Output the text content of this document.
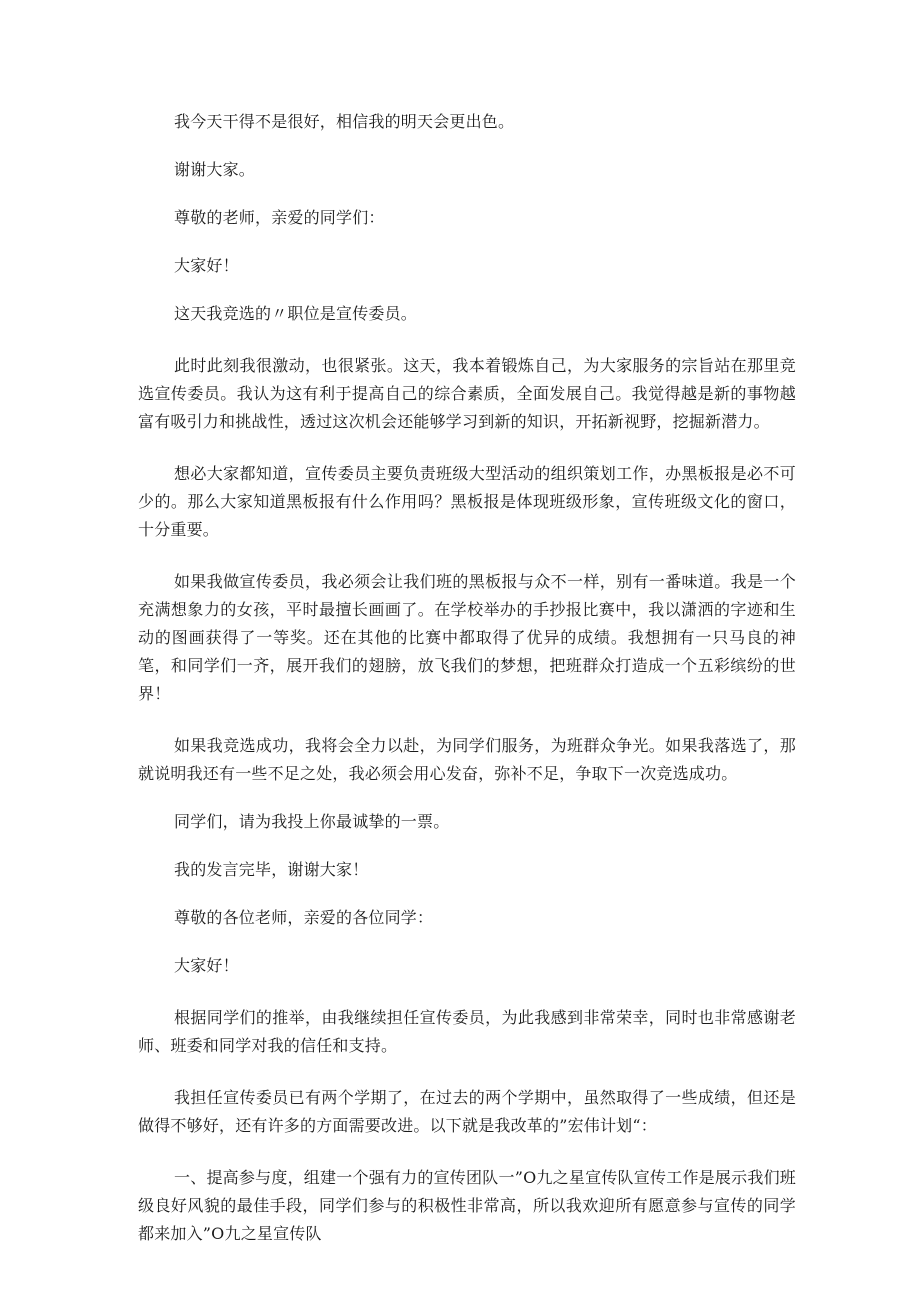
我今天干得不是很好，相信我的明天会更出色。

谢谢大家。

尊敬的老师，亲爱的同学们：

大家好！

这天我竞选的〃职位是宣传委员。

此时此刻我很激动，也很紧张。这天，我本着锻炼自己，为大家服务的宗旨站在那里竞选宣传委员。我认为这有利于提高自己的综合素质，全面发展自己。我觉得越是新的事物越富有吸引力和挑战性，透过这次机会还能够学习到新的知识，开拓新视野，挖掘新潜力。

想必大家都知道，宣传委员主要负责班级大型活动的组织策划工作，办黑板报是必不可少的。那么大家知道黑板报有什么作用吗？黑板报是体现班级形象，宣传班级文化的窗口，十分重要。

如果我做宣传委员，我必须会让我们班的黑板报与众不一样，别有一番味道。我是一个充满想象力的女孩，平时最擅长画画了。在学校举办的手抄报比赛中，我以潇洒的字迹和生动的图画获得了一等奖。还在其他的比赛中都取得了优异的成绩。我想拥有一只马良的神笔，和同学们一齐，展开我们的翅膀，放飞我们的梦想，把班群众打造成一个五彩缤纷的世界！

如果我竞选成功，我将会全力以赴，为同学们服务，为班群众争光。如果我落选了，那就说明我还有一些不足之处，我必须会用心发奋，弥补不足，争取下一次竞选成功。

同学们，请为我投上你最诚挚的一票。

我的发言完毕，谢谢大家！

尊敬的各位老师，亲爱的各位同学：

大家好！

根据同学们的推举，由我继续担任宣传委员，为此我感到非常荣幸，同时也非常感谢老师、班委和同学对我的信任和支持。

我担任宣传委员已有两个学期了，在过去的两个学期中，虽然取得了一些成绩，但还是做得不够好，还有许多的方面需要改进。以下就是我改革的”宏伟计划“：

一、提高参与度，组建一个强有力的宣传团队一”O九之星宣传队宣传工作是展示我们班级良好风貌的最佳手段，同学们参与的积极性非常高，所以我欢迎所有愿意参与宣传的同学都来加入”O九之星宣传队
